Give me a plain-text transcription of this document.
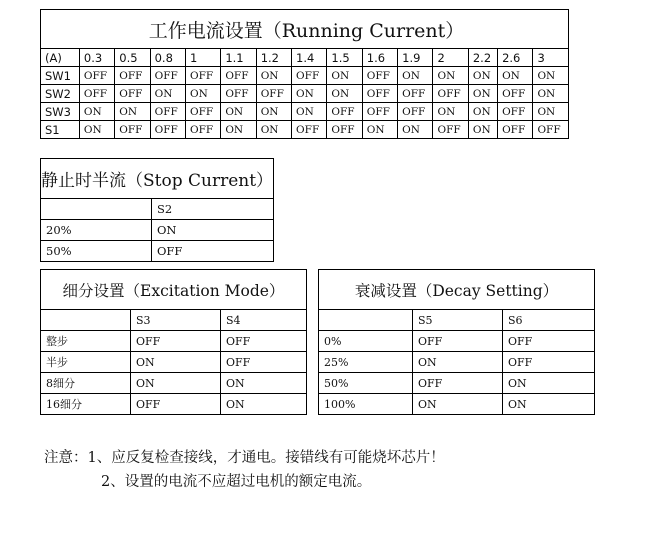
工作电流设置（Running Current）														
(A)	0.3	0.5	0.8	1	1.1	1.2	1.4	1.5	1.6	1.9	2	2.2	2.6	3
SW1	OFF	OFF	OFF	OFF	OFF	ON	OFF	ON	OFF	ON	ON	ON	ON	ON
SW2	OFF	OFF	ON	ON	OFF	OFF	ON	ON	OFF	OFF	OFF	ON	OFF	ON
SW3	ON	ON	OFF	OFF	ON	ON	ON	OFF	OFF	OFF	ON	ON	OFF	ON
S1	ON	OFF	OFF	OFF	ON	ON	OFF	OFF	ON	ON	OFF	ON	OFF	OFF
静止时半流（Stop Current）	
	S2
20%	ON
50%	OFF
细分设置（Excitation Mode）		
	S3	S4
整步	OFF	OFF
半步	ON	OFF
8细分	ON	ON
16细分	OFF	ON
衰减设置（Decay Setting）		
	S5	S6
0%	OFF	OFF
25%	ON	OFF
50%	OFF	ON
100%	ON	ON
注意：1、应反复检查接线，才通电。接错线有可能烧坏芯片！
2、设置的电流不应超过电机的额定电流。
